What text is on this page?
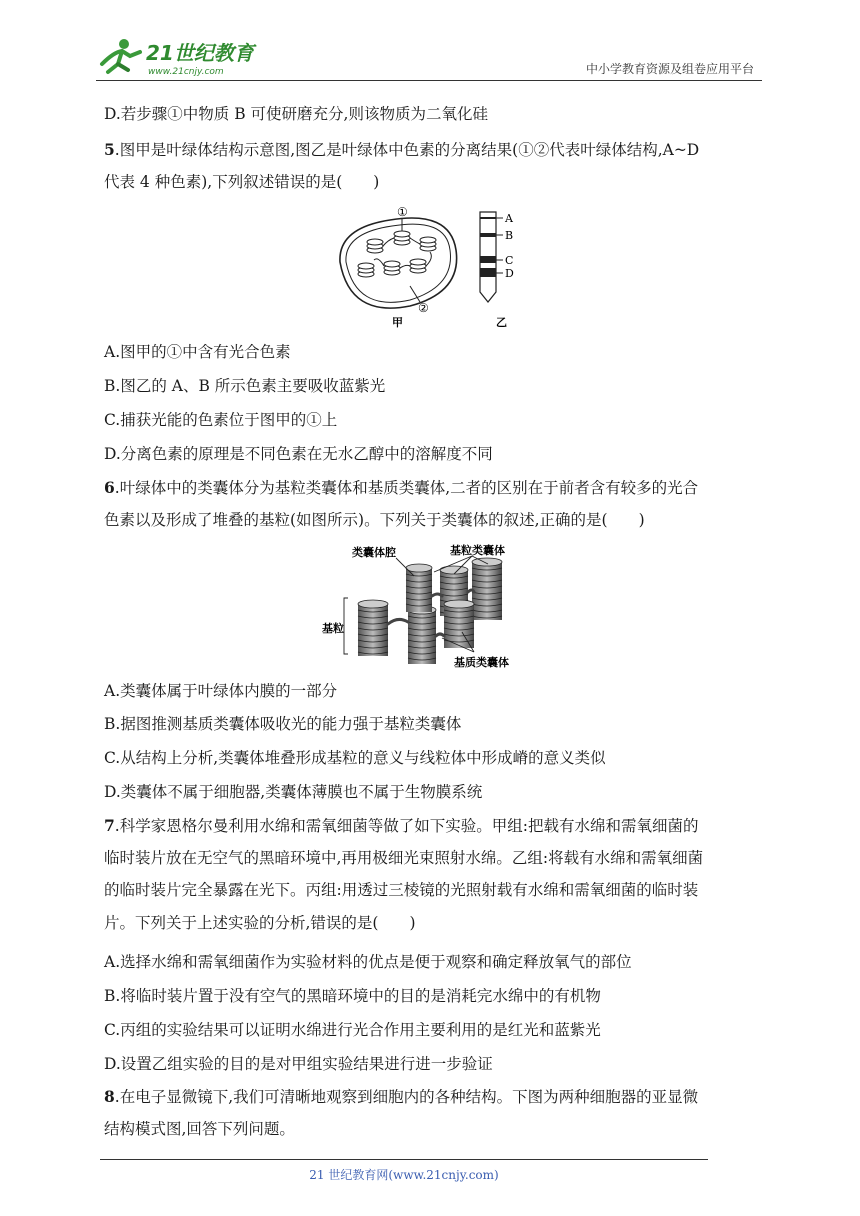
21世纪教育
www.21cnjy.com	中小学教育资源及组卷应用平台
D.若步骤①中物质 B 可使研磨充分,则该物质为二氧化硅
5.图甲是叶绿体结构示意图,图乙是叶绿体中色素的分离结果(①②代表叶绿体结构,A~D
代表 4 种色素),下列叙述错误的是(　　)
①
②
甲
A
B
C
D
乙
A.图甲的①中含有光合色素
B.图乙的 A、B 所示色素主要吸收蓝紫光
C.捕获光能的色素位于图甲的①上
D.分离色素的原理是不同色素在无水乙醇中的溶解度不同
6.叶绿体中的类囊体分为基粒类囊体和基质类囊体,二者的区别在于前者含有较多的光合
色素以及形成了堆叠的基粒(如图所示)。下列关于类囊体的叙述,正确的是(　　)
类囊体腔	基粒类囊体
基粒
基质类囊体
A.类囊体属于叶绿体内膜的一部分
B.据图推测基质类囊体吸收光的能力强于基粒类囊体
C.从结构上分析,类囊体堆叠形成基粒的意义与线粒体中形成嵴的意义类似
D.类囊体不属于细胞器,类囊体薄膜也不属于生物膜系统
7.科学家恩格尔曼利用水绵和需氧细菌等做了如下实验。甲组:把载有水绵和需氧细菌的
临时装片放在无空气的黑暗环境中,再用极细光束照射水绵。乙组:将载有水绵和需氧细菌
的临时装片完全暴露在光下。丙组:用透过三棱镜的光照射载有水绵和需氧细菌的临时装
片。下列关于上述实验的分析,错误的是(　　)
A.选择水绵和需氧细菌作为实验材料的优点是便于观察和确定释放氧气的部位
B.将临时装片置于没有空气的黑暗环境中的目的是消耗完水绵中的有机物
C.丙组的实验结果可以证明水绵进行光合作用主要利用的是红光和蓝紫光
D.设置乙组实验的目的是对甲组实验结果进行进一步验证
8.在电子显微镜下,我们可清晰地观察到细胞内的各种结构。下图为两种细胞器的亚显微
结构模式图,回答下列问题。
21 世纪教育网(www.21cnjy.com)
